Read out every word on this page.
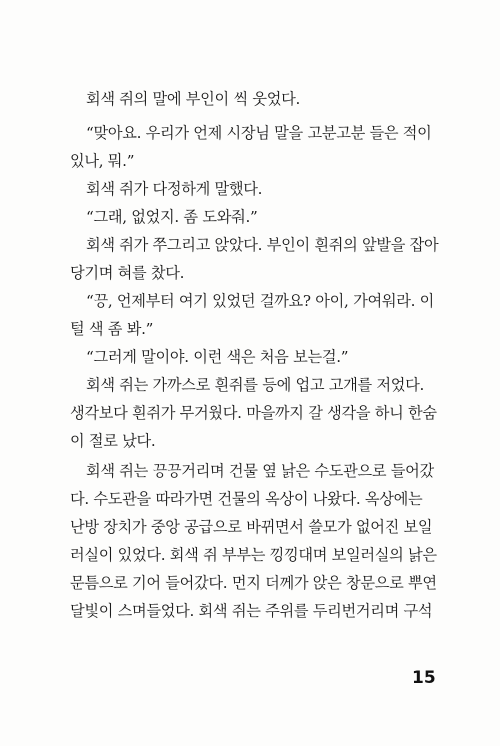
회색 쥐의 말에 부인이 씩 웃었다.
“맞아요. 우리가 언제 시장님 말을 고분고분 들은 적이
있나, 뭐.”
회색 쥐가 다정하게 말했다.
“그래, 없었지. 좀 도와줘.”
회색 쥐가 쭈그리고 앉았다. 부인이 흰쥐의 앞발을 잡아
당기며 혀를 찼다.
“끙, 언제부터 여기 있었던 걸까요? 아이, 가여워라. 이
털 색 좀 봐.”
“그러게 말이야. 이런 색은 처음 보는걸.”
회색 쥐는 가까스로 흰쥐를 등에 업고 고개를 저었다.
생각보다 흰쥐가 무거웠다. 마을까지 갈 생각을 하니 한숨
이 절로 났다.
회색 쥐는 끙끙거리며 건물 옆 낡은 수도관으로 들어갔
다. 수도관을 따라가면 건물의 옥상이 나왔다. 옥상에는
난방 장치가 중앙 공급으로 바뀌면서 쓸모가 없어진 보일
러실이 있었다. 회색 쥐 부부는 낑낑대며 보일러실의 낡은
문틈으로 기어 들어갔다. 먼지 더께가 앉은 창문으로 뿌연
달빛이 스며들었다. 회색 쥐는 주위를 두리번거리며 구석
15
